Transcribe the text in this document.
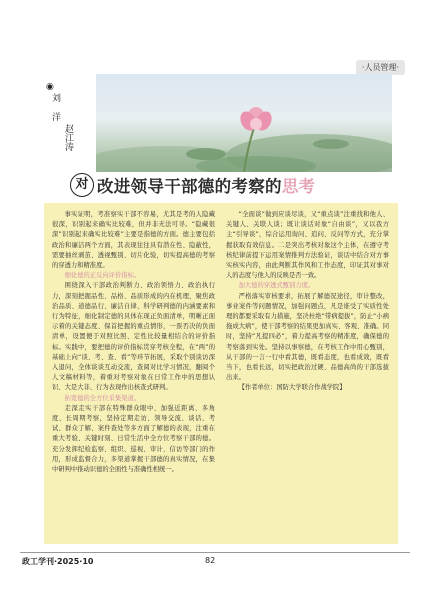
·人员管理·
◉
刘 洋
赵江涛
对 改进领导干部德的考察的 思考

事实证明，考准察实干部不容易，尤其是考的人隐藏很深，识别起来确实比较难，但并非无法可寻。“隐藏很深”识别起来确实比较难”主要是指德的方面。德主要包括政治和廉洁两个方面，其表现往往具有潜在性、隐蔽性，需要抽丝剥茧、透视甄别、切片化验，切实提高德的考察的穿透力和精准度。

细化德的正反向评价指标。

围绕深入干部政治判断力、政治领悟力、政治执行力，深刻把握品性、品格、品质形成的内在机理，聚焦政治品质、道德品行、廉洁自律、科学研判德的内涵要素和行为特征，细化制定德的具体在现正负面清单，明晰正面示着的关键态度、保首把握的重点情形，一票否决的负面清单，设置便于对照比照、定性比较量相结合的评价指标。实践中，要把德的评价指标贯穿考核全程，在“两”的基础上向“谈、考、查、看”等环节拓展，采取个别谈访深入退问，全体谈谈互动交流，查阅对比学习情况，翻阅个人文稿材料等，着重对考察对象在日常工作中的思想认识、大是大非、行为表现作出核查式研判。

拓宽德的全方位采集渠道。

走深走实干部在特殊群众眼中、加强近距离、多角度、长周期考察，坚持定期走访、领导交流、谈话、考试、群众了解、案件查处等多方面了解德的表现，注重在重大考验、关键时刻、日常生活中全方位考察干部的德。充分发挥纪检监察、组织、巡视、审计、信访等部门的作用，形成监督合力，多渠道掌握干部德的真实情况，在集中研判中推动识德的全面性与准确性相统一。

“全面谈”做到应谈尽谈，又“重点谈”注重找和他人、关键人、关联人谈；既让谈话对象“自由谈”，又以我方主“引导谈”，综合运用询问、追问、反问等方式，充分掌握获取有效信息。二是突出考核对象这个主体，在遵守考核纪律前提下运用案情推判方法验证，谈话中结合对方事实核实内容，由此判断其作风和工作态度，印证其对事对人的态度与他人的反映是否一致。

加大德的穿透式甄别力度。

严格落实审核要求，拓展了解德况途径，审计整改，事业案件等问题情况，加强问题点，凡是谁受了实质性处理的都要采取有力措施，坚决杜绝“带病提拔”，防止“小病拖成大病”，使干部考察的结果更加真实、客观、准确。同时，坚持“凡提四必”，着力提高考察的精准度，确保德的考察落到实处。坚持以事察德，在考核工作中用心甄别，从干部的一言一行中看其德，既看态度，也看成效，既看当下，也看长远，切实把政治过硬、品德高尚的干部选拔出来。

【作者单位：国防大学联合作战学院】

政工学刊·2025·10	82
